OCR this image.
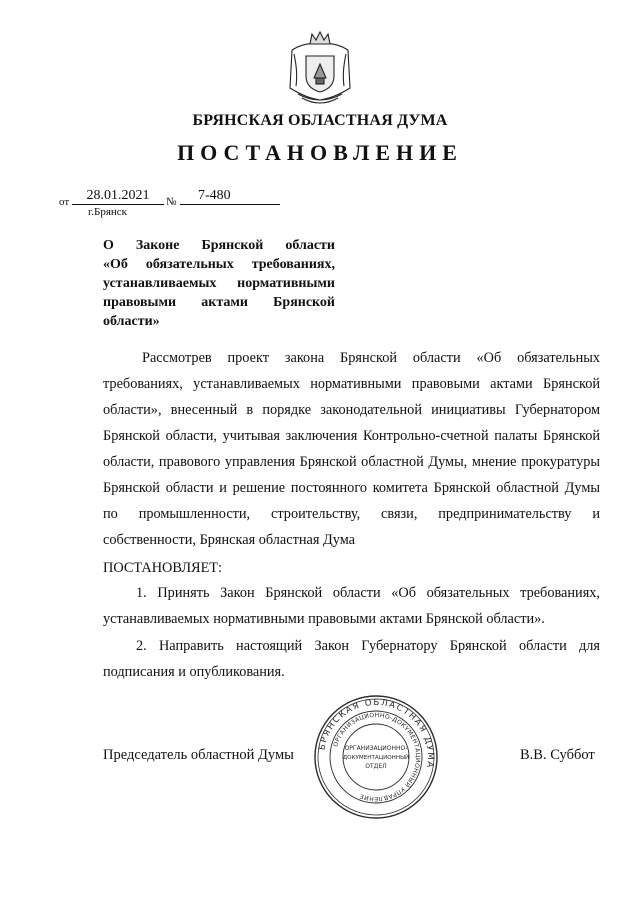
БРЯНСКАЯ ОБЛАСТНАЯ ДУМА
ПОСТАНОВЛЕНИЕ
от	28.01.2021	№	7-480
г.Брянск
О Законе Брянской области
«Об обязательных требованиях,
устанавливаемых нормативными
правовыми актами Брянской
области»
Рассмотрев проект закона Брянской области «Об обязательных требованиях, устанавливаемых нормативными правовыми актами Брянской области», внесенный в порядке законодательной инициативы Губернатором Брянской области, учитывая заключения Контрольно-счетной палаты Брянской области, правового управления Брянской областной Думы, мнение прокуратуры Брянской области и решение постоянного комитета Брянской областной Думы по промышленности, строительству, связи, предпринимательству и собственности, Брянская областная Дума
ПОСТАНОВЛЯЕТ:
1. Принять Закон Брянской области «Об обязательных требованиях, устанавливаемых нормативными правовыми актами Брянской области».
2. Направить настоящий Закон Губернатору Брянской области для подписания и опубликования.
Председатель областной Думы	В.В. Суббот
БРЯНСКАЯ ОБЛАСТНАЯ ДУМА
ОРГАНИЗАЦИОННО-ДОКУМЕНТАЦИОННЫЙ УПРАВЛЕНИЕ
ОРГАНИЗАЦИОННО-
ДОКУМЕНТАЦИОННЫЙ
ОТДЕЛ
